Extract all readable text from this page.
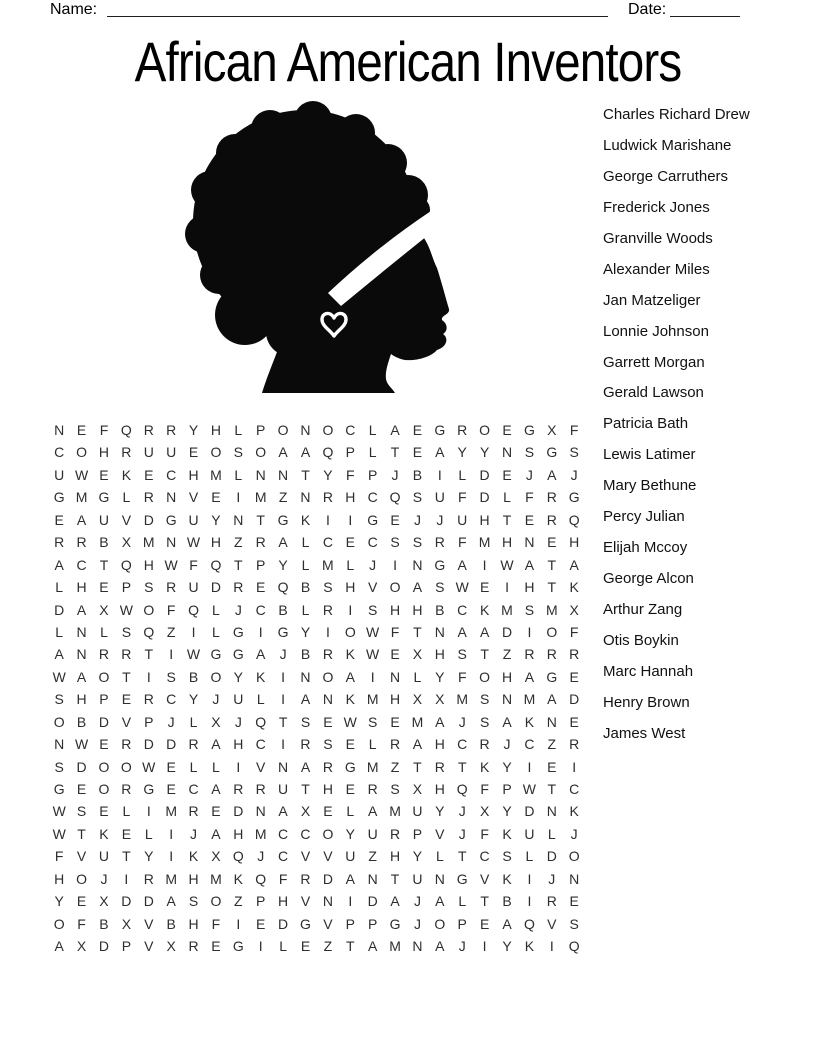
Name:	Date:
African American Inventors
Charles Richard Drew
Ludwick Marishane
George Carruthers
Frederick Jones
Granville Woods
Alexander Miles
Jan Matzeliger
Lonnie Johnson
Garrett Morgan
Gerald Lawson
Patricia Bath
Lewis Latimer
Mary Bethune
Percy Julian
Elijah Mccoy
George Alcon
Arthur Zang
Otis Boykin
Marc Hannah
Henry Brown
James West
N E F Q R R Y H L P O N O C L A E G R O E G X F
C O H R U U E O S O A A Q P L	T E A Y Y N S G S
U W E K E C H M L N N T Y F P	J	B	I	L D E	J	A	J
G M G L R N V E	I	M Z N R H C Q S U F D L	F R G
E A U V D G U Y N T G K	I	I	G E	J	J U H T E R Q
R R B X M N W H Z R A L C E C S S R F M H N E H
A C T Q H W F Q T P Y L M L	J	I	N G A	I W A T A
L H E P S R U D R E Q B S H V O A S W E	I	H T K
D A X W O F Q L	J C B L R	I	S H H B C K M S M X
L N L S Q Z	I	L G	I	G Y	I	O W F T N A A D	I	O F
A N R R T	I W G G A	J	B R K W E X H S T Z R R R
W A O T	I	S B O Y K	I	N O A	I	N L Y F O H A G E
S H P E R C Y	J U L	I	A N K M H X X M S N M A D
O B D V P	J	L X	J Q T S E W S E M A	J	S A K N E
N W E R D D R A H C	I	R S E L R A H C R J C Z R
S D O O W E L	L	I	V N A R G M Z T R T K Y	I	E	I
G E O R G E C A R R U T H E R S X H Q F P W T C
W S E L	I	M R E D N A X E L A M U Y	J	X Y D N K
W T K E L	I	J	A H M C C O Y U R P V	J	F K U L	J
F V U T Y	I	K X Q J C V V U Z H Y L	T C S L D O
H O J	I	R M H M K Q F R D A N T U N G V K	I	J N
Y E X D D A S O Z P H V N	I	D A	J	A L	T B	I	R E
O F B X V B H F	I	E D G V P P G J O P E A Q V S
A X D P V X R E G	I	L E Z T A M N A	J	I	Y K	I	Q
